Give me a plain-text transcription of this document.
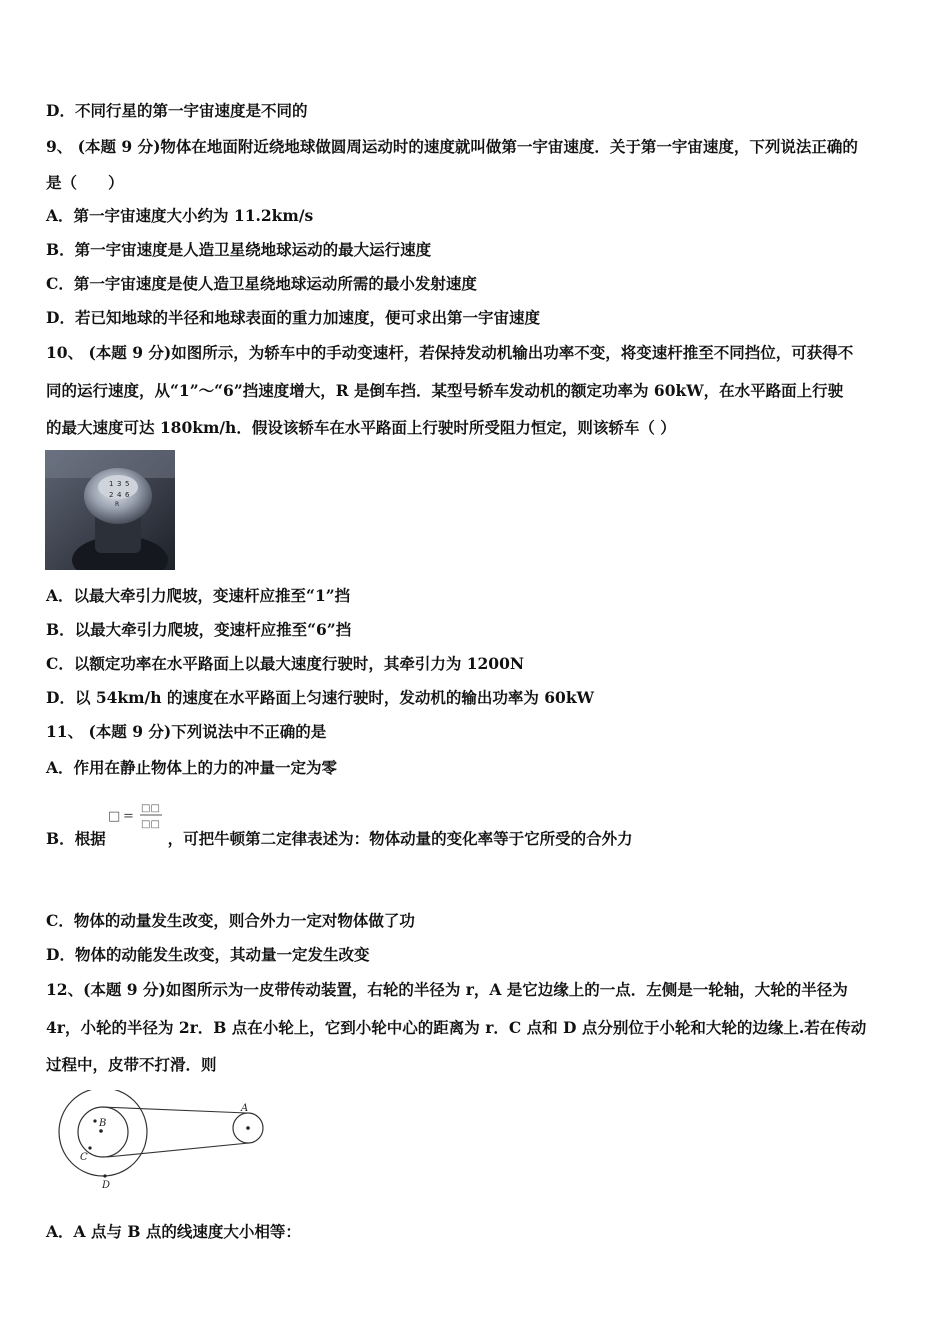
D．不同行星的第一宇宙速度是不同的
9、 (本题 9 分)物体在地面附近绕地球做圆周运动时的速度就叫做第一宇宙速度．关于第一宇宙速度，下列说法正确的
是（　　）
A．第一宇宙速度大小约为 11.2km/s
B．第一宇宙速度是人造卫星绕地球运动的最大运行速度
C．第一宇宙速度是使人造卫星绕地球运动所需的最小发射速度
D．若已知地球的半径和地球表面的重力加速度，便可求出第一宇宙速度
10、 (本题 9 分)如图所示，为轿车中的手动变速杆，若保持发动机输出功率不变，将变速杆推至不同挡位，可获得不
同的运行速度，从“1”～“6”挡速度增大，R 是倒车挡．某型号轿车发动机的额定功率为 60kW，在水平路面上行驶
的最大速度可达 180km/h．假设该轿车在水平路面上行驶时所受阻力恒定，则该轿车（ ）
1 3 5
2 4 6
R
A．以最大牵引力爬坡，变速杆应推至“1”挡
B．以最大牵引力爬坡，变速杆应推至“6”挡
C．以额定功率在水平路面上以最大速度行驶时，其牵引力为 1200N
D．以 54km/h 的速度在水平路面上匀速行驶时，发动机的输出功率为 60kW
11、 (本题 9 分)下列说法中不正确的是
A．作用在静止物体上的力的冲量一定为零
□ =
□□
□□
B．根据　　　　，可把牛顿第二定律表述为：物体动量的变化率等于它所受的合外力
C．物体的动量发生改变，则合外力一定对物体做了功
D．物体的动能发生改变，其动量一定发生改变
12、(本题 9 分)如图所示为一皮带传动装置，右轮的半径为 r，A 是它边缘上的一点．左侧是一轮轴，大轮的半径为
4r，小轮的半径为 2r．B 点在小轮上，它到小轮中心的距离为 r．C 点和 D 点分别位于小轮和大轮的边缘上.若在传动
过程中，皮带不打滑．则
A
B
C
D
A．A 点与 B 点的线速度大小相等：
